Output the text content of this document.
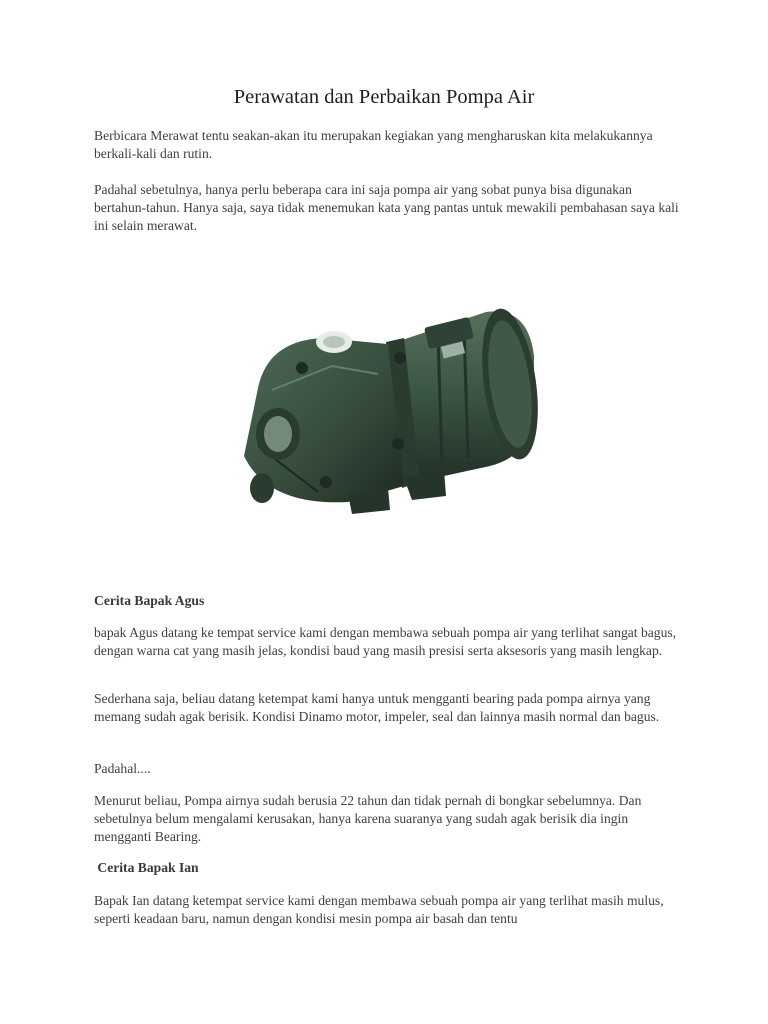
Perawatan dan Perbaikan Pompa Air

Berbicara Merawat tentu seakan-akan itu merupakan kegiakan yang mengharuskan kita melakukannya berkali-kali dan rutin.

Padahal sebetulnya, hanya perlu beberapa cara ini saja pompa air yang sobat punya bisa digunakan bertahun-tahun. Hanya saja, saya tidak menemukan kata yang pantas untuk mewakili pembahasan saya kali ini selain merawat.

Cerita Bapak Agus

bapak Agus datang ke tempat service kami dengan membawa sebuah pompa air yang terlihat sangat bagus, dengan warna cat yang masih jelas, kondisi baud yang masih presisi serta aksesoris yang masih lengkap.

Sederhana saja, beliau datang ketempat kami hanya untuk mengganti bearing pada pompa airnya yang memang sudah agak berisik. Kondisi Dinamo motor, impeler, seal dan lainnya masih normal dan bagus.

Padahal....

Menurut beliau, Pompa airnya sudah berusia 22 tahun dan tidak pernah di bongkar sebelumnya. Dan sebetulnya belum mengalami kerusakan, hanya karena suaranya yang sudah agak berisik dia ingin mengganti Bearing.

Cerita Bapak Ian

Bapak Ian datang ketempat service kami dengan membawa sebuah pompa air yang terlihat masih mulus, seperti keadaan baru, namun dengan kondisi mesin pompa air basah dan tentu
